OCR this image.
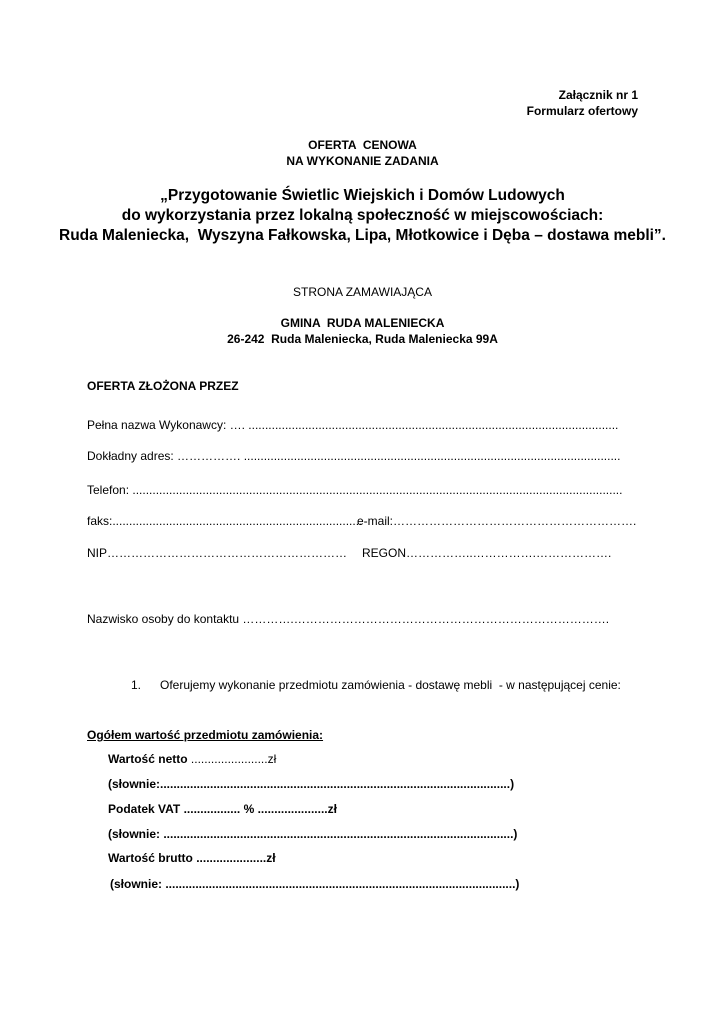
Załącznik nr 1
Formularz ofertowy
OFERTA  CENOWA
NA WYKONANIE ZADANIA
„Przygotowanie Świetlic Wiejskich i Domów Ludowych
do wykorzystania przez lokalną społeczność w miejscowościach:
Ruda Maleniecka,  Wyszyna Fałkowska, Lipa, Młotkowice i Dęba – dostawa mebli”.
STRONA ZAMAWIAJĄCA
GMINA  RUDA MALENIECKA
26-242  Ruda Maleniecka, Ruda Maleniecka 99A
OFERTA ZŁOŻONA PRZEZ
Pełna nazwa Wykonawcy: …. ...............................................................................................................
Dokładny adres: ……………. .................................................................................................................
Telefon: ...................................................................................................................................................
faks:...........................................................................
e-mail:…………………………………………………….
NIP…………………………………………………… REGON……………..…………….……………….
Nazwisko osoby do kontaktu ………….…………………………………………………………………….
1. Oferujemy wykonanie przedmiotu zamówienia - dostawę mebli  - w następującej cenie:
Ogółem wartość przedmiotu zamówienia:
Wartość netto .......................zł
(słownie:.........................................................................................................)
Podatek VAT ................. % .....................zł
(słownie: .........................................................................................................)
Wartość brutto .....................zł
(słownie: .........................................................................................................)
